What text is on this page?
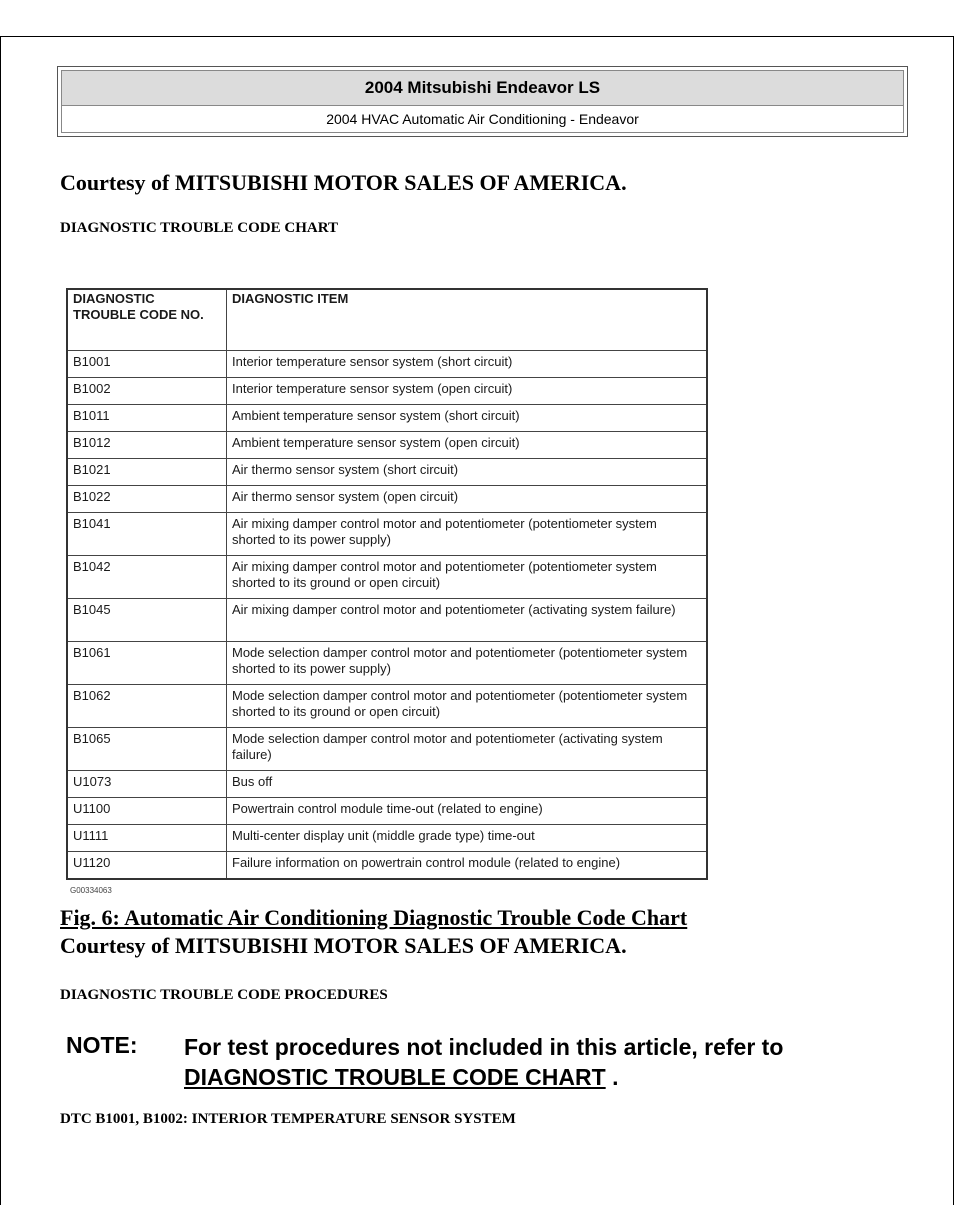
2004 Mitsubishi Endeavor LS
2004 HVAC Automatic Air Conditioning - Endeavor
Courtesy of MITSUBISHI MOTOR SALES OF AMERICA.
DIAGNOSTIC TROUBLE CODE CHART
DIAGNOSTIC TROUBLE CODE NO.	DIAGNOSTIC ITEM
B1001	Interior temperature sensor system (short circuit)
B1002	Interior temperature sensor system (open circuit)
B1011	Ambient temperature sensor system (short circuit)
B1012	Ambient temperature sensor system (open circuit)
B1021	Air thermo sensor system (short circuit)
B1022	Air thermo sensor system (open circuit)
B1041	Air mixing damper control motor and potentiometer (potentiometer system shorted to its power supply)
B1042	Air mixing damper control motor and potentiometer (potentiometer system shorted to its ground or open circuit)
B1045	Air mixing damper control motor and potentiometer (activating system failure)
B1061	Mode selection damper control motor and potentiometer (potentiometer system shorted to its power supply)
B1062	Mode selection damper control motor and potentiometer (potentiometer system shorted to its ground or open circuit)
B1065	Mode selection damper control motor and potentiometer (activating system failure)
U1073	Bus off
U1100	Powertrain control module time-out (related to engine)
U1111	Multi-center display unit (middle grade type) time-out
U1120	Failure information on powertrain control module (related to engine)
G00334063
Fig. 6: Automatic Air Conditioning Diagnostic Trouble Code Chart
Courtesy of MITSUBISHI MOTOR SALES OF AMERICA.
DIAGNOSTIC TROUBLE CODE PROCEDURES
NOTE:	For test procedures not included in this article, refer to
DIAGNOSTIC TROUBLE CODE CHART .
DTC B1001, B1002: INTERIOR TEMPERATURE SENSOR SYSTEM
